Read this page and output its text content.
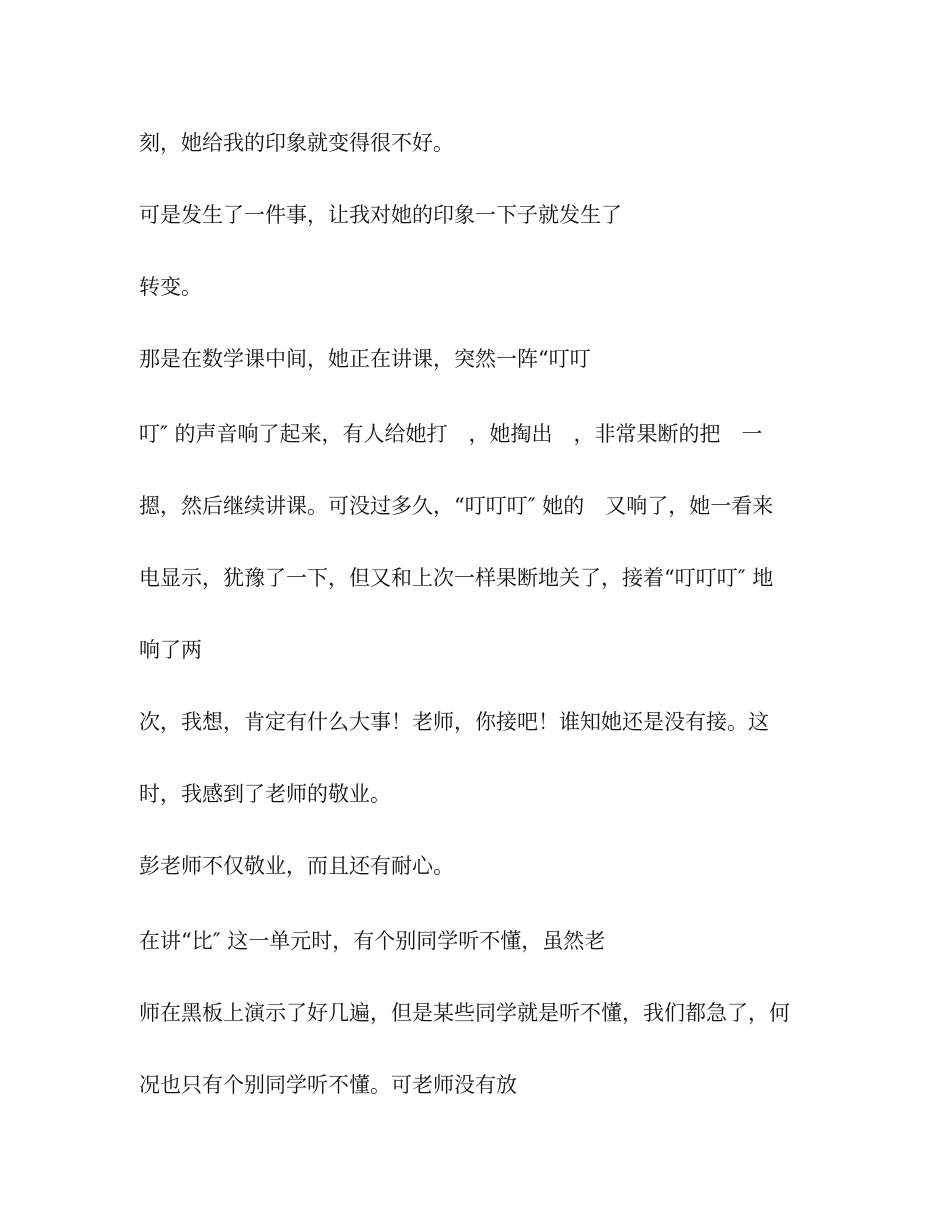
刻，她给我的印象就变得很不好。

可是发生了一件事，让我对她的印象一下子就发生了

转变。

那是在数学课中间，她正在讲课，突然一阵“叮叮

叮″ 的声音响了起来，有人给她打　，她掏出　，非常果断的把　一

摁，然后继续讲课。可没过多久，“叮叮叮″ 她的　又响了，她一看来

电显示，犹豫了一下，但又和上次一样果断地关了，接着“叮叮叮″ 地

响了两

次，我想，肯定有什么大事！老师，你接吧！谁知她还是没有接。这

时，我感到了老师的敬业。

彭老师不仅敬业，而且还有耐心。

在讲“比″ 这一单元时，有个别同学听不懂，虽然老

师在黑板上演示了好几遍，但是某些同学就是听不懂，我们都急了，何

况也只有个别同学听不懂。可老师没有放
